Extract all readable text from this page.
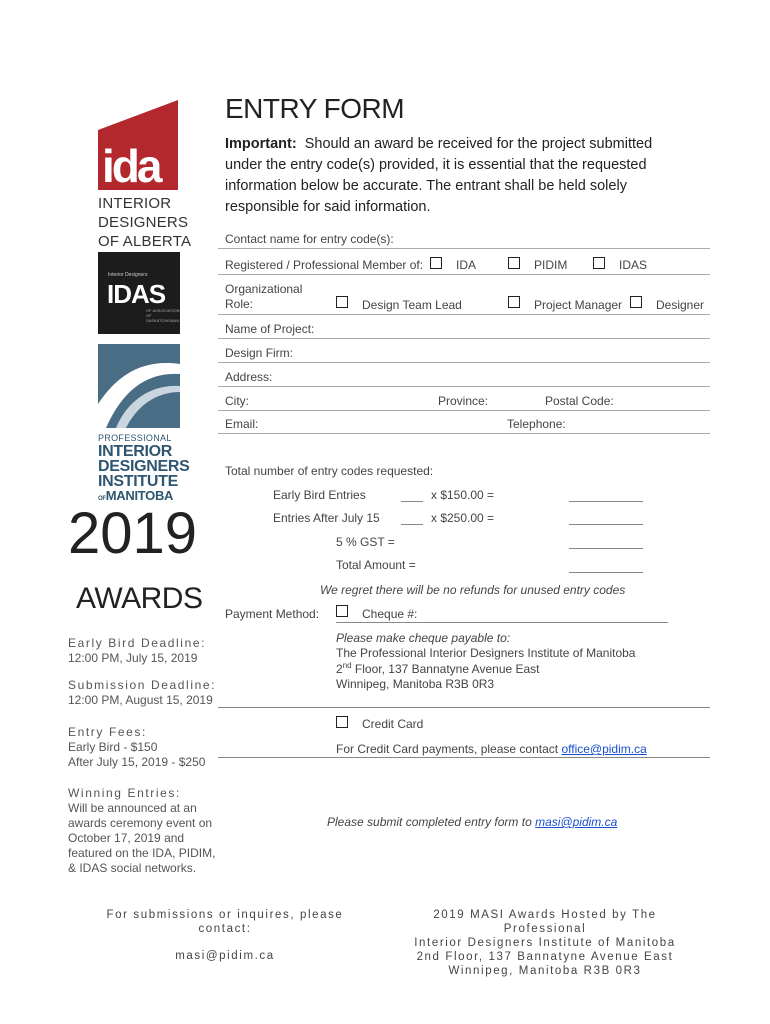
ida
INTERIOR
DESIGNERS
OF ALBERTA
Interior Designers
IDAS
OF ASSOCIATION OF SASKATCHEWAN
PROFESSIONAL
INTERIOR
DESIGNERS
INSTITUTE
OFMANITOBA
2019
AWARDS
Early Bird Deadline:
12:00 PM, July 15, 2019
Submission Deadline:
12:00 PM, August 15, 2019
Entry Fees:
Early Bird - $150
After July 15, 2019 - $250
Winning Entries:
Will be announced at an
awards ceremony event on
October 17, 2019 and
featured on the IDA, PIDIM,
& IDAS social networks.
ENTRY FORM
Important: Should an award be received for the project submitted under the entry code(s) provided, it is essential that the requested information below be accurate. The entrant shall be held solely responsible for said information.
Contact name for entry code(s):
Registered / Professional Member of:	IDA	PIDIM	IDAS
Organizational
Role:	Design Team Lead	Project Manager	Designer
Name of Project:
Design Firm:
Address:
City:	Province:	Postal Code:
Email:	Telephone:
Total number of entry codes requested:
Early Bird Entries	x $150.00 =
Entries After July 15	x $250.00 =
5 % GST =
Total Amount =
We regret there will be no refunds for unused entry codes
Payment Method:	Cheque #:
Please make cheque payable to:
The Professional Interior Designers Institute of Manitoba
2nd Floor, 137 Bannatyne Avenue East
Winnipeg, Manitoba R3B 0R3
Credit Card
For Credit Card payments, please contact office@pidim.ca
Please submit completed entry form to masi@pidim.ca
For submissions or inquires, please contact:
masi@pidim.ca
2019 MASI Awards Hosted by The Professional
Interior Designers Institute of Manitoba
2nd Floor, 137 Bannatyne Avenue East
Winnipeg, Manitoba R3B 0R3
